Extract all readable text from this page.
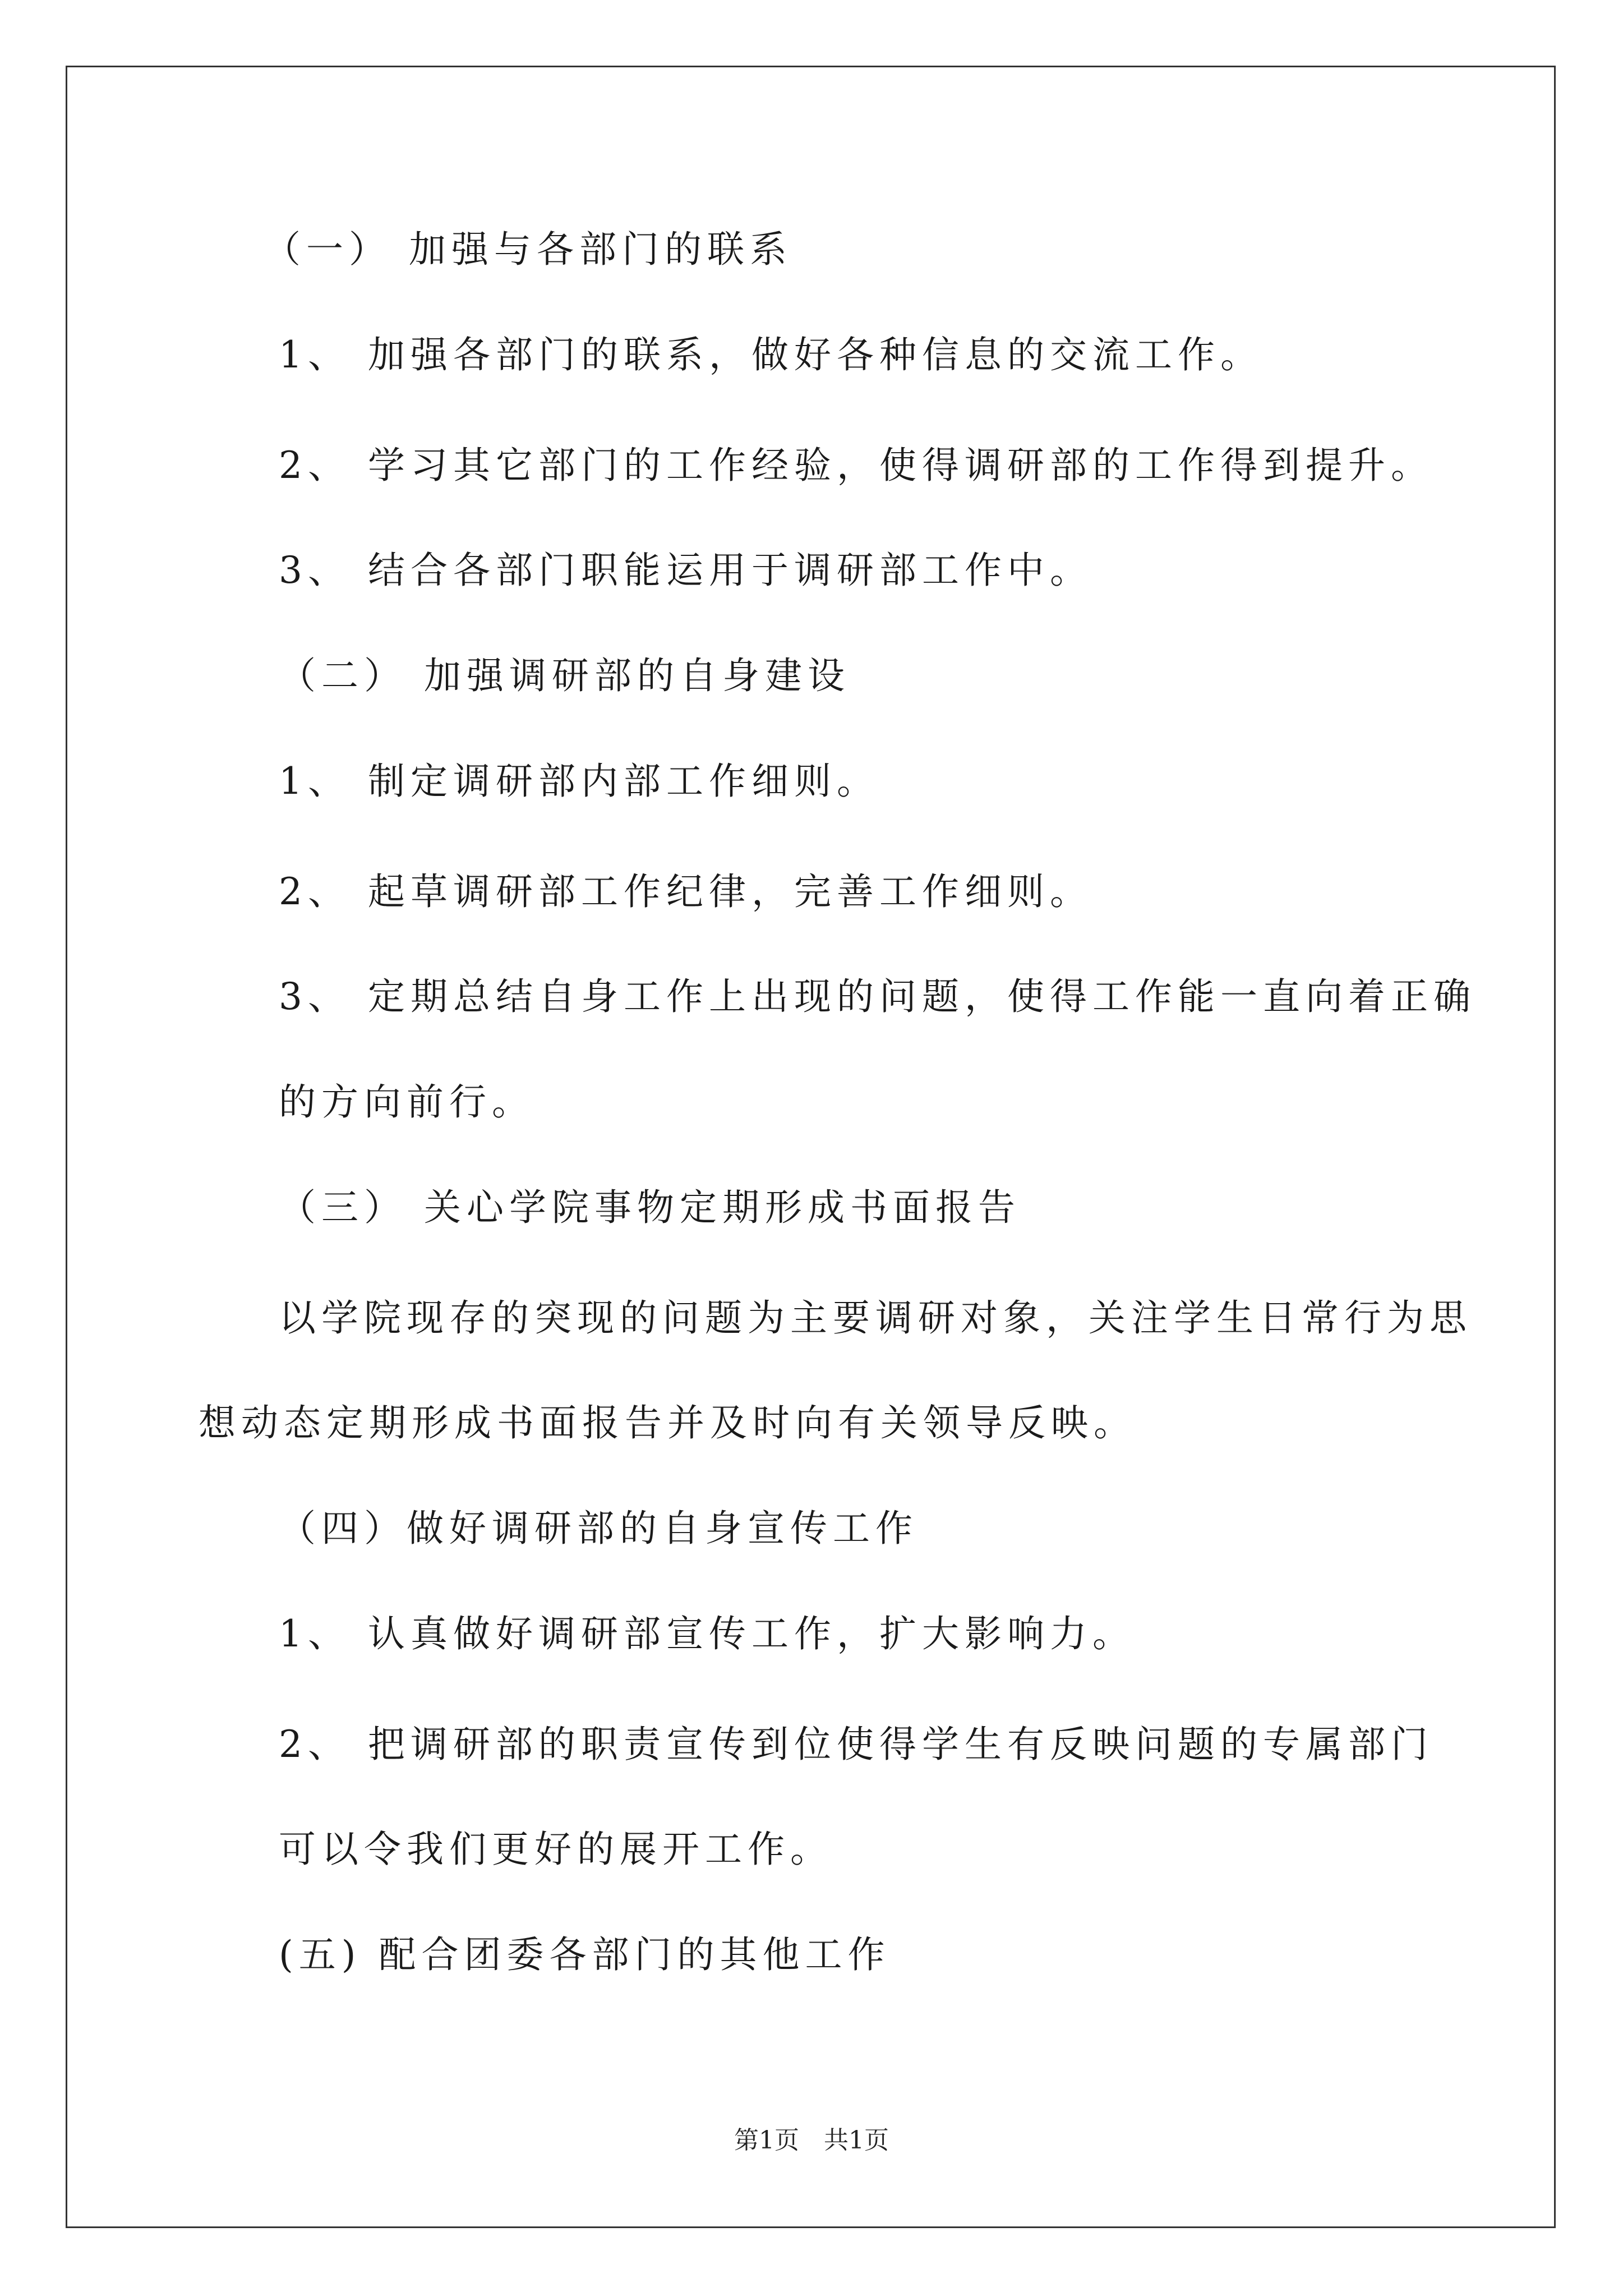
（一） 加强与各部门的联系
1、 加强各部门的联系，做好各种信息的交流工作。
2、 学习其它部门的工作经验，使得调研部的工作得到提升。
3、 结合各部门职能运用于调研部工作中。
（二） 加强调研部的自身建设
1、 制定调研部内部工作细则。
2、 起草调研部工作纪律，完善工作细则。
3、 定期总结自身工作上出现的问题，使得工作能一直向着正确
的方向前行。
（三） 关心学院事物定期形成书面报告
以学院现存的突现的问题为主要调研对象，关注学生日常行为思
想动态定期形成书面报告并及时向有关领导反映。
（四）做好调研部的自身宣传工作
1、 认真做好调研部宣传工作，扩大影响力。
2、 把调研部的职责宣传到位使得学生有反映问题的专属部门
可以令我们更好的展开工作。
(五) 配合团委各部门的其他工作
第1页　共1页
